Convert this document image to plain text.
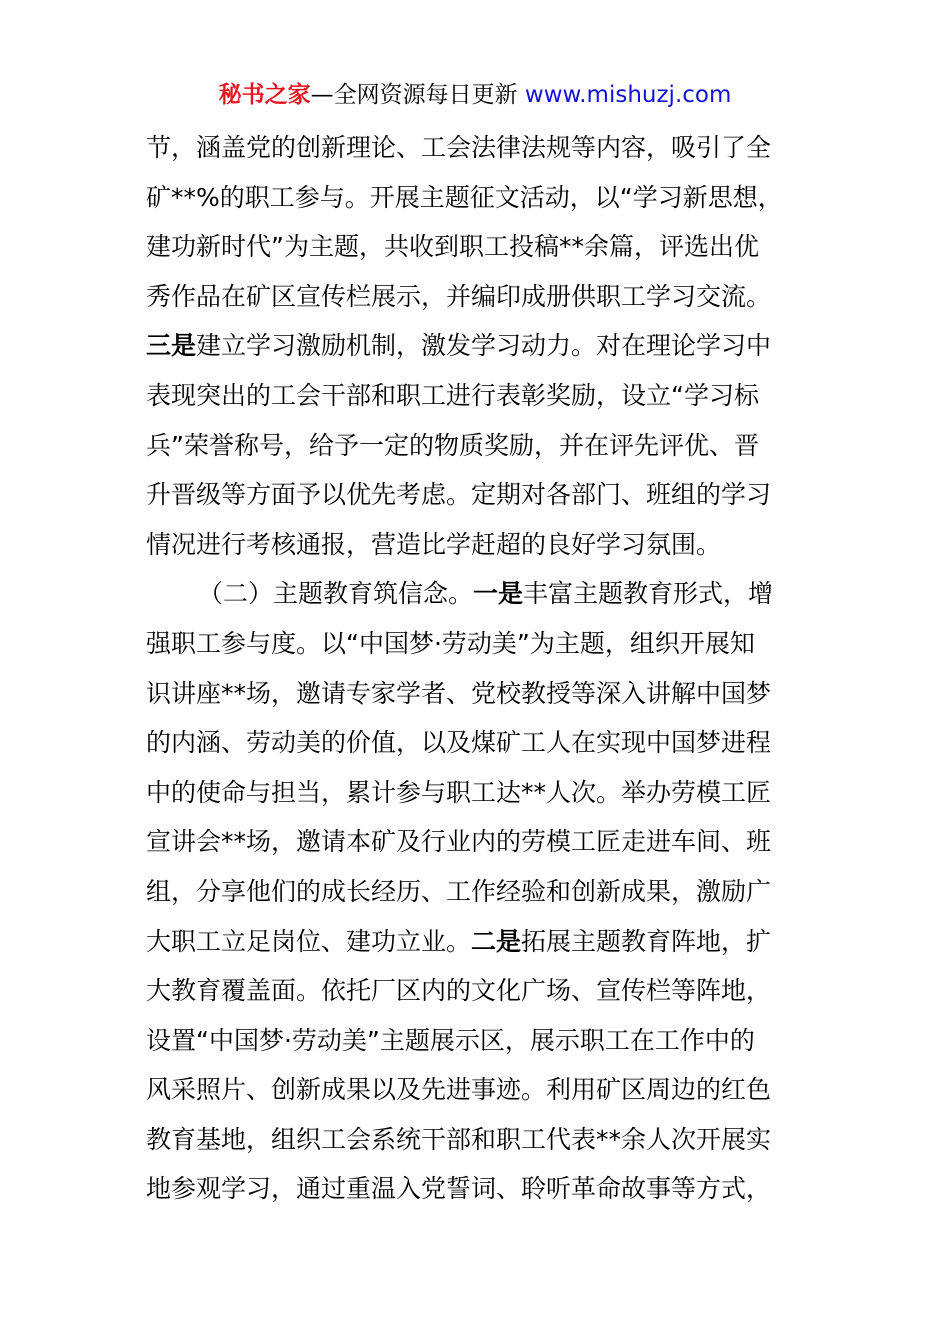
秘书之家—全网资源每日更新 www.mishuzj.com
节，涵盖党的创新理论、工会法律法规等内容，吸引了全
矿**%的职工参与。开展主题征文活动，以“学习新思想，
建功新时代”为主题，共收到职工投稿**余篇，评选出优
秀作品在矿区宣传栏展示，并编印成册供职工学习交流。
三是建立学习激励机制，激发学习动力。对在理论学习中
表现突出的工会干部和职工进行表彰奖励，设立“学习标
兵”荣誉称号，给予一定的物质奖励，并在评先评优、晋
升晋级等方面予以优先考虑。定期对各部门、班组的学习
情况进行考核通报，营造比学赶超的良好学习氛围。
（二）主题教育筑信念。一是丰富主题教育形式，增
强职工参与度。以“中国梦·劳动美”为主题，组织开展知
识讲座**场，邀请专家学者、党校教授等深入讲解中国梦
的内涵、劳动美的价值，以及煤矿工人在实现中国梦进程
中的使命与担当，累计参与职工达**人次。举办劳模工匠
宣讲会**场，邀请本矿及行业内的劳模工匠走进车间、班
组，分享他们的成长经历、工作经验和创新成果，激励广
大职工立足岗位、建功立业。二是拓展主题教育阵地，扩
大教育覆盖面。依托厂区内的文化广场、宣传栏等阵地，
设置“中国梦·劳动美”主题展示区，展示职工在工作中的
风采照片、创新成果以及先进事迹。利用矿区周边的红色
教育基地，组织工会系统干部和职工代表**余人次开展实
地参观学习，通过重温入党誓词、聆听革命故事等方式，
